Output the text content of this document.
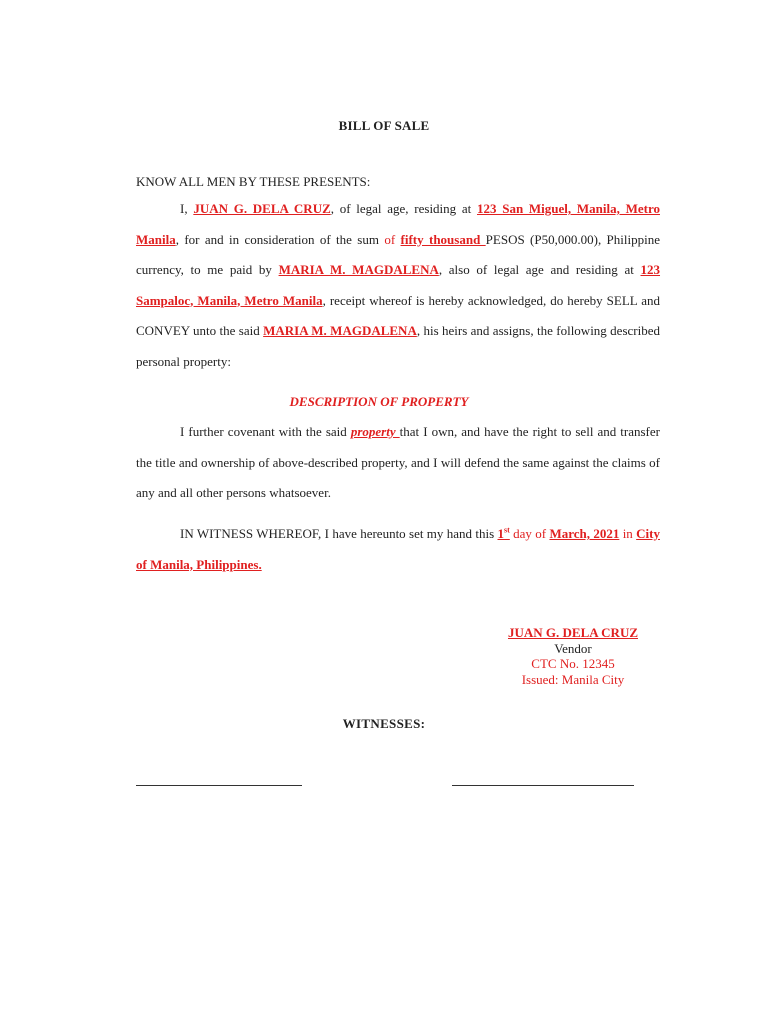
BILL OF SALE
KNOW ALL MEN BY THESE PRESENTS:
I, JUAN G. DELA CRUZ, of legal age, residing at 123 San Miguel, Manila, Metro Manila, for and in consideration of the sum of fifty thousand PESOS (P50,000.00), Philippine currency, to me paid by MARIA M. MAGDALENA, also of legal age and residing at 123 Sampaloc, Manila, Metro Manila, receipt whereof is hereby acknowledged, do hereby SELL and CONVEY unto the said MARIA M. MAGDALENA, his heirs and assigns, the following described personal property:
DESCRIPTION OF PROPERTY
I further covenant with the said property that I own, and have the right to sell and transfer the title and ownership of above-described property, and I will defend the same against the claims of any and all other persons whatsoever.
IN WITNESS WHEREOF, I have hereunto set my hand this 1st day of March, 2021 in City of Manila, Philippines.
JUAN G. DELA CRUZ
Vendor
CTC No. 12345
Issued: Manila City
WITNESSES:
